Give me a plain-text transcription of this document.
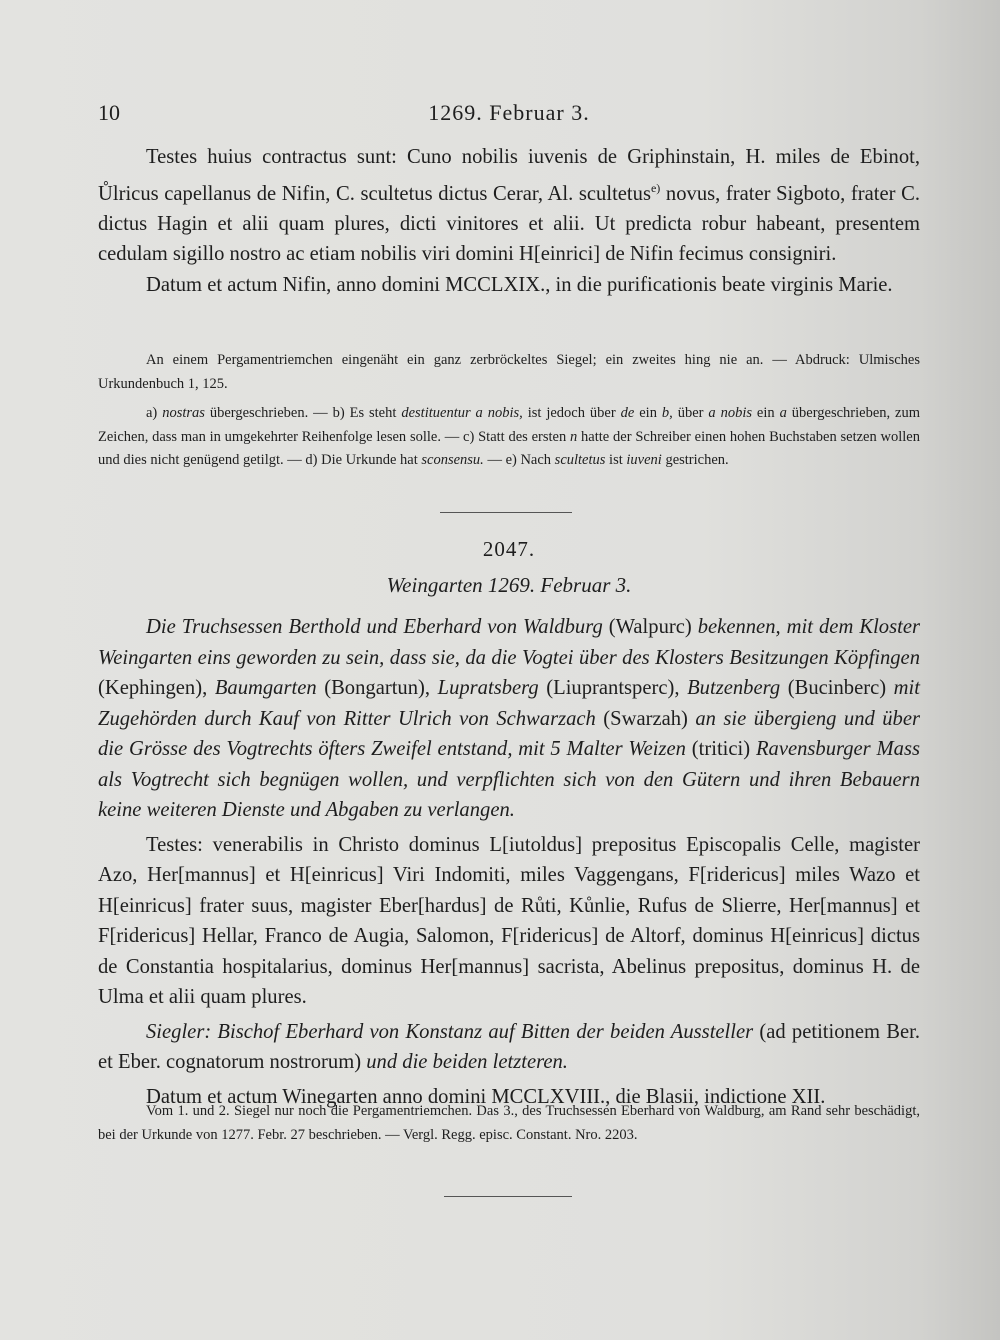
10	1269. Februar 3.

Testes huius contractus sunt: Cuno nobilis iuvenis de Griphinstain, H. miles de Ebinot, Ůlricus capellanus de Nifin, C. scultetus dictus Cerar, Al. scultetus$^{e)}$ novus, frater Sigboto, frater C. dictus Hagin et alii quam plures, dicti vinitores et alii. Ut predicta robur habeant, presentem cedulam sigillo nostro ac etiam nobilis viri domini H[einrici] de Nifin fecimus consigniri.

Datum et actum Nifin, anno domini MCCLXIX., in die purificationis beate virginis Marie.

An einem Pergamentriemchen eingenäht ein ganz zerbröckeltes Siegel; ein zweites hing nie an. — Abdruck: Ulmisches Urkundenbuch 1, 125.

a) nostras übergeschrieben. — b) Es steht destituentur a nobis, ist jedoch über de ein b, über a nobis ein a übergeschrieben, zum Zeichen, dass man in umgekehrter Reihenfolge lesen solle. — c) Statt des ersten n hatte der Schreiber einen hohen Buchstaben setzen wollen und dies nicht genügend getilgt. — d) Die Urkunde hat sconsensu. — e) Nach scultetus ist iuveni gestrichen.

2047.
Weingarten 1269. Februar 3.

Die Truchsessen Berthold und Eberhard von Waldburg (Walpurc) bekennen, mit dem Kloster Weingarten eins geworden zu sein, dass sie, da die Vogtei über des Klosters Besitzungen Köpfingen (Kephingen), Baumgarten (Bongartun), Lupratsberg (Liuprantsperc), Butzenberg (Bucinberc) mit Zugehörden durch Kauf von Ritter Ulrich von Schwarzach (Swarzah) an sie übergieng und über die Grösse des Vogtrechts öfters Zweifel entstand, mit 5 Malter Weizen (tritici) Ravensburger Mass als Vogtrecht sich begnügen wollen, und verpflichten sich von den Gütern und ihren Bebauern keine weiteren Dienste und Abgaben zu verlangen.

Testes: venerabilis in Christo dominus L[iutoldus] prepositus Episcopalis Celle, magister Azo, Her[mannus] et H[einricus] Viri Indomiti, miles Vaggengans, F[ridericus] miles Wazo et H[einricus] frater suus, magister Eber[hardus] de Růti, Kůnlie, Rufus de Slierre, Her[mannus] et F[ridericus] Hellar, Franco de Augia, Salomon, F[ridericus] de Altorf, dominus H[einricus] dictus de Constantia hospitalarius, dominus Her[mannus] sacrista, Abelinus prepositus, dominus H. de Ulma et alii quam plures.

Siegler: Bischof Eberhard von Konstanz auf Bitten der beiden Aussteller (ad petitionem Ber. et Eber. cognatorum nostrorum) und die beiden letzteren.

Datum et actum Winegarten anno domini MCCLXVIII., die Blasii, indictione XII.

Vom 1. und 2. Siegel nur noch die Pergamentriemchen. Das 3., des Truchsessen Eberhard von Waldburg, am Rand sehr beschädigt, bei der Urkunde von 1277. Febr. 27 beschrieben. — Vergl. Regg. episc. Constant. Nro. 2203.
